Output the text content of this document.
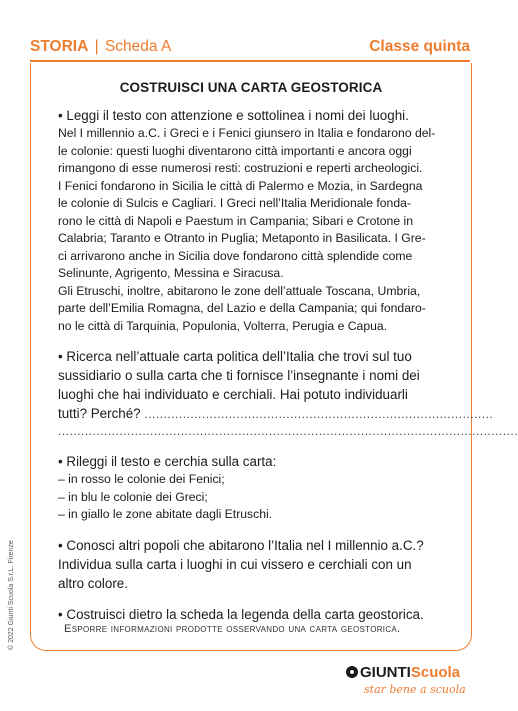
STORIA | Scheda A	Classe quinta
COSTRUISCI UNA CARTA GEOSTORICA
• Leggi il testo con attenzione e sottolinea i nomi dei luoghi.
Nel I millennio a.C. i Greci e i Fenici giunsero in Italia e fondarono del-
le colonie: questi luoghi diventarono città importanti e ancora oggi
rimangono di esse numerosi resti: costruzioni e reperti archeologici.
I Fenici fondarono in Sicilia le città di Palermo e Mozia, in Sardegna
le colonie di Sulcis e Cagliari. I Greci nell’Italia Meridionale fonda-
rono le città di Napoli e Paestum in Campania; Sibari e Crotone in
Calabria; Taranto e Otranto in Puglia; Metaponto in Basilicata. I Gre-
ci arrivarono anche in Sicilia dove fondarono città splendide come
Selinunte, Agrigento, Messina e Siracusa.
Gli Etruschi, inoltre, abitarono le zone dell’attuale Toscana, Umbria,
parte dell’Emilia Romagna, del Lazio e della Campania; qui fondaro-
no le città di Tarquinia, Populonia, Volterra, Perugia e Capua.
• Ricerca nell’attuale carta politica dell’Italia che trovi sul tuo
sussidiario o sulla carta che ti fornisce l’insegnante i nomi dei
luoghi che hai individuato e cerchiali. Hai potuto individuarli
tutti? Perché? ...........................................................................................
........................................................................................................................
• Rileggi il testo e cerchia sulla carta:
– in rosso le colonie dei Fenici;
– in blu le colonie dei Greci;
– in giallo le zone abitate dagli Etruschi.
• Conosci altri popoli che abitarono l’Italia nel I millennio a.C.?
Individua sulla carta i luoghi in cui vissero e cerchiali con un
altro colore.
• Costruisci dietro la scheda la legenda della carta geostorica.
Esporre informazioni prodotte osservando una carta geostorica.
© 2022 Giunti Scuola S.r.L. Firenze
GIUNTIScuola
star bene a scuola
